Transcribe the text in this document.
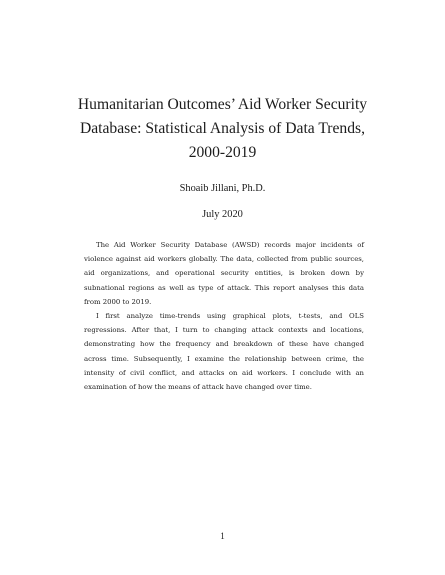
Humanitarian Outcomes’ Aid Worker Security
Database: Statistical Analysis of Data Trends,
2000-2019
Shoaib Jillani, Ph.D.
July 2020

The Aid Worker Security Database (AWSD) records major incidents of violence against aid workers globally. The data, collected from public sources, aid organizations, and operational security entities, is broken down by subnational regions as well as type of attack. This report analyses this data from 2000 to 2019.

I first analyze time-trends using graphical plots, t-tests, and OLS regressions. After that, I turn to changing attack contexts and locations, demonstrating how the frequency and breakdown of these have changed across time. Subsequently, I examine the relationship between crime, the intensity of civil conflict, and attacks on aid workers. I conclude with an examination of how the means of attack have changed over time.

1
